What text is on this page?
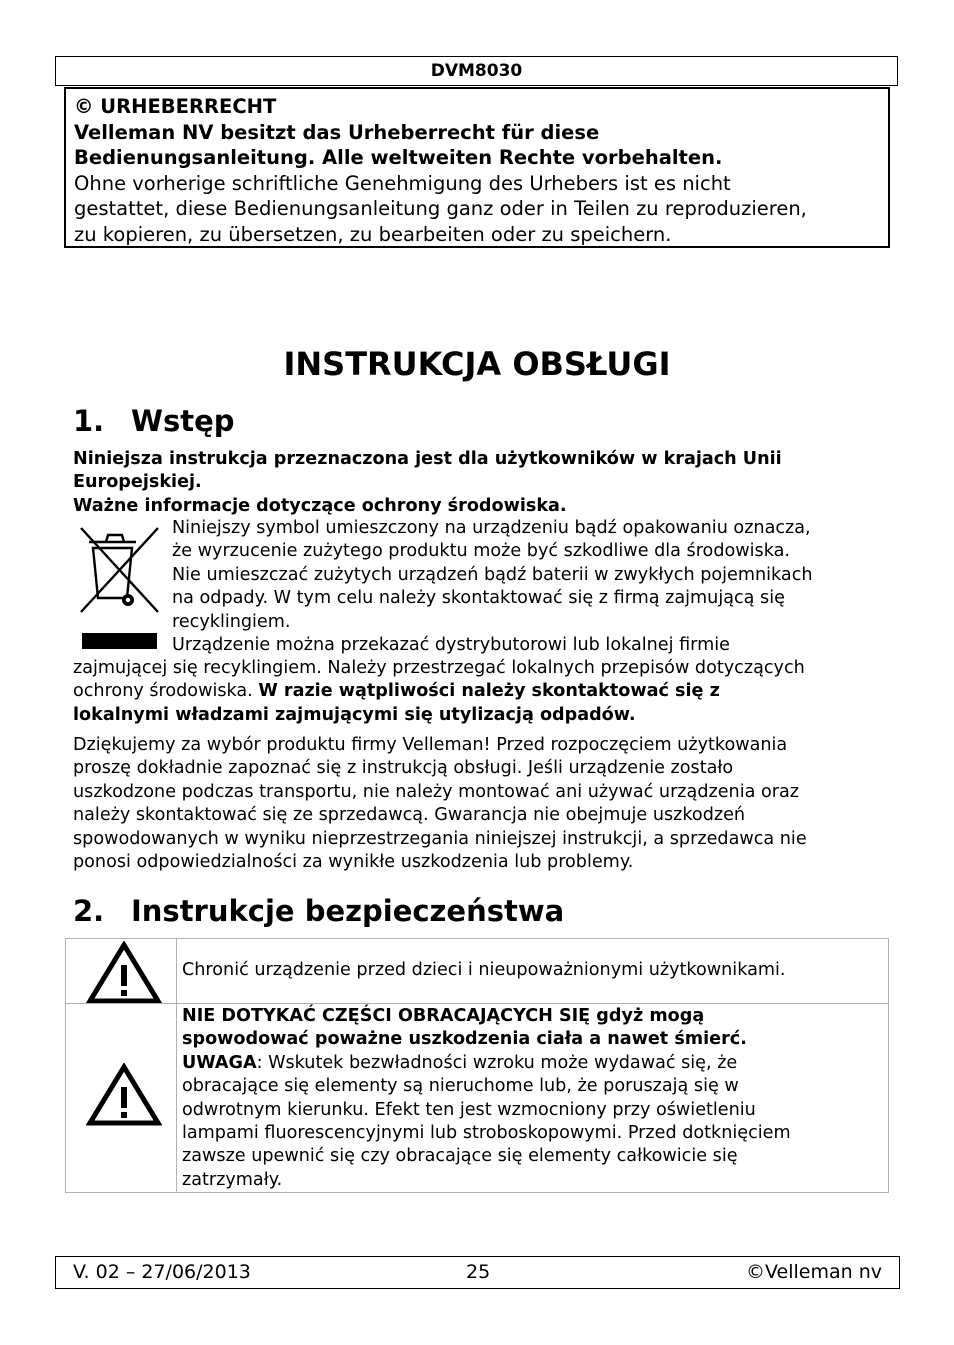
DVM8030
© URHEBERRECHT
Velleman NV besitzt das Urheberrecht für diese
Bedienungsanleitung. Alle weltweiten Rechte vorbehalten.
Ohne vorherige schriftliche Genehmigung des Urhebers ist es nicht
gestattet, diese Bedienungsanleitung ganz oder in Teilen zu reproduzieren,
zu kopieren, zu übersetzen, zu bearbeiten oder zu speichern.
INSTRUKCJA OBSŁUGI
1. Wstęp
Niniejsza instrukcja przeznaczona jest dla użytkowników w krajach Unii
Europejskiej.
Ważne informacje dotyczące ochrony środowiska.
Niniejszy symbol umieszczony na urządzeniu bądź opakowaniu oznacza,
że wyrzucenie zużytego produktu może być szkodliwe dla środowiska.
Nie umieszczać zużytych urządzeń bądź baterii w zwykłych pojemnikach
na odpady. W tym celu należy skontaktować się z firmą zajmującą się
recyklingiem.
Urządzenie można przekazać dystrybutorowi lub lokalnej firmie
zajmującej się recyklingiem. Należy przestrzegać lokalnych przepisów dotyczących
ochrony środowiska. W razie wątpliwości należy skontaktować się z
lokalnymi władzami zajmującymi się utylizacją odpadów.
Dziękujemy za wybór produktu firmy Velleman! Przed rozpoczęciem użytkowania
proszę dokładnie zapoznać się z instrukcją obsługi. Jeśli urządzenie zostało
uszkodzone podczas transportu, nie należy montować ani używać urządzenia oraz
należy skontaktować się ze sprzedawcą. Gwarancja nie obejmuje uszkodzeń
spowodowanych w wyniku nieprzestrzegania niniejszej instrukcji, a sprzedawca nie
ponosi odpowiedzialności za wynikłe uszkodzenia lub problemy.
2. Instrukcje bezpieczeństwa
Chronić urządzenie przed dzieci i nieupoważnionymi użytkownikami.
NIE DOTYKAĆ CZĘŚCI OBRACAJĄCYCH SIĘ gdyż mogą
spowodować poważne uszkodzenia ciała a nawet śmierć.
UWAGA: Wskutek bezwładności wzroku może wydawać się, że
obracające się elementy są nieruchome lub, że poruszają się w
odwrotnym kierunku. Efekt ten jest wzmocniony przy oświetleniu
lampami fluorescencyjnymi lub stroboskopowymi. Przed dotknięciem
zawsze upewnić się czy obracające się elementy całkowicie się
zatrzymały.
V. 02 – 27/06/2013	25	©Velleman nv
